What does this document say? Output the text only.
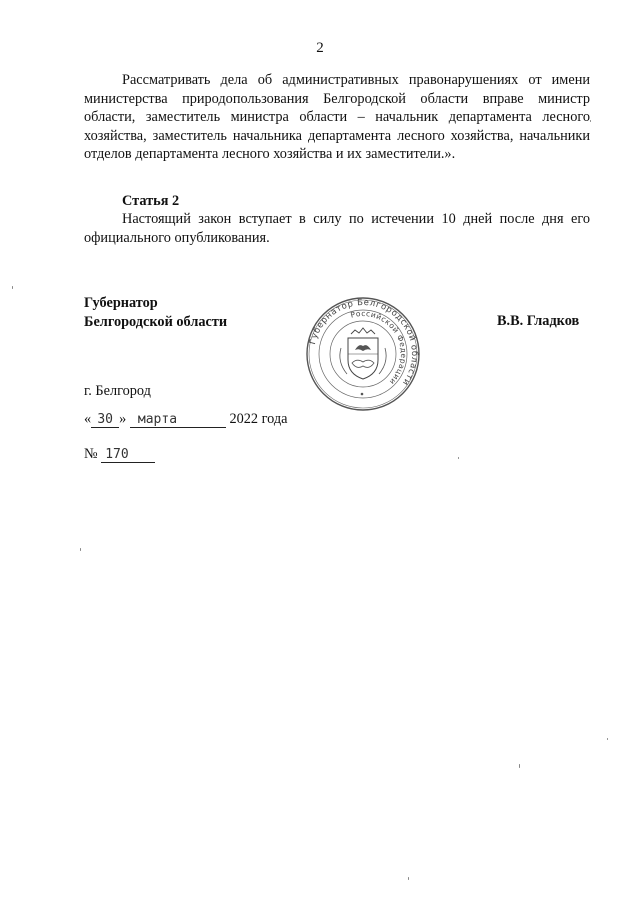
2
Рассматривать дела об административных правонарушениях от имени министерства природопользования Белгородской области вправе министр области, заместитель министра области – начальник департамента лесного хозяйства, заместитель начальника департамента лесного хозяйства, начальники отделов департамента лесного хозяйства и их заместители.».
Статья 2
Настоящий закон вступает в силу по истечении 10 дней после дня его официального опубликования.
Губернатор
Белгородской области
Губернатор Белгородской области
Российской Федерации
В.В. Гладков
г. Белгород
« 30 » марта	2022 года
№ 170
